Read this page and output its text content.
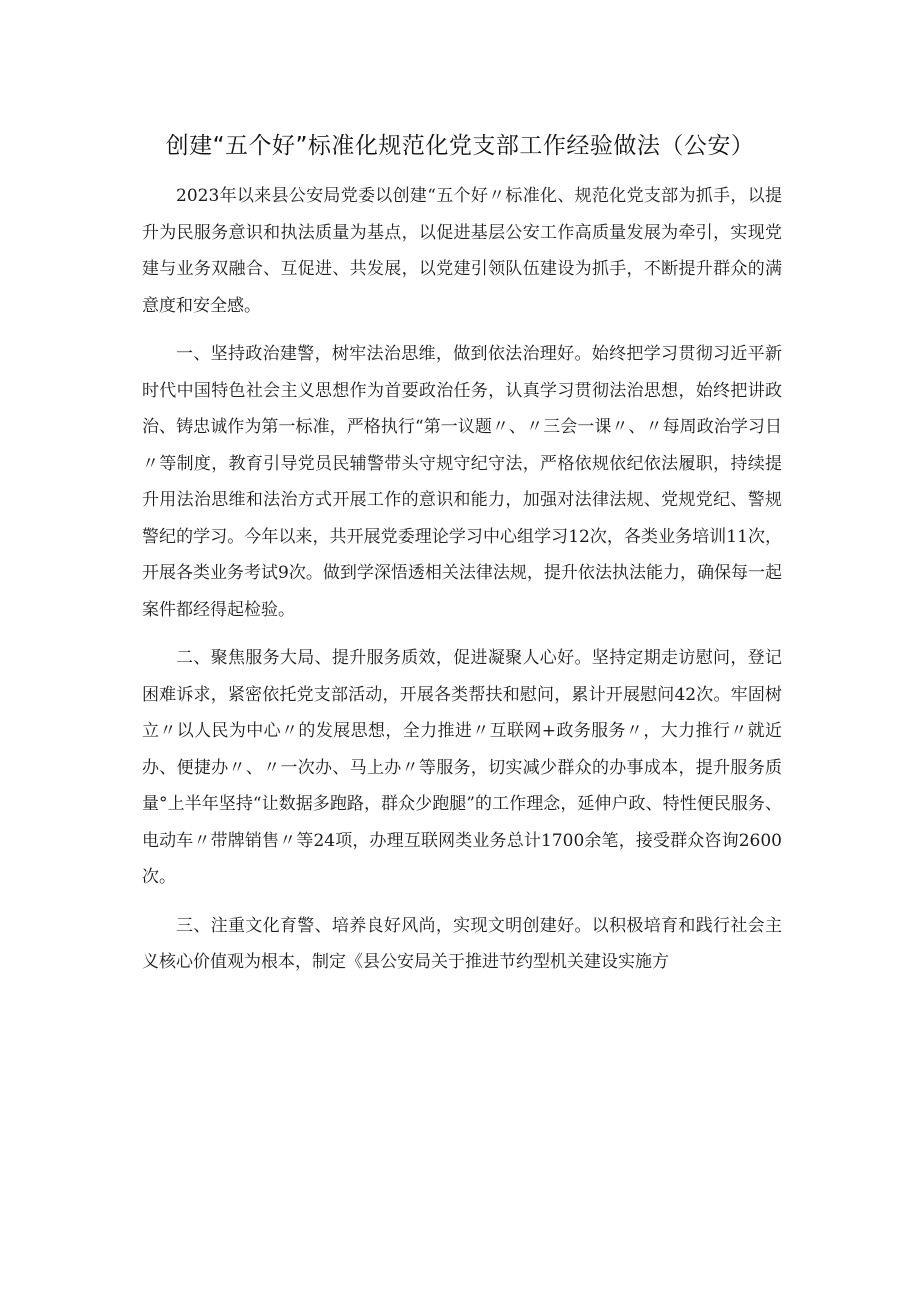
创建“五个好”标准化规范化党支部工作经验做法（公安）

2023年以来县公安局党委以创建“五个好〃标准化、规范化党支部为抓手，以提升为民服务意识和执法质量为基点，以促进基层公安工作高质量发展为牵引，实现党建与业务双融合、互促进、共发展，以党建引领队伍建设为抓手，不断提升群众的满意度和安全感。

一、坚持政治建警，树牢法治思维，做到依法治理好。始终把学习贯彻习近平新时代中国特色社会主义思想作为首要政治任务，认真学习贯彻法治思想，始终把讲政治、铸忠诚作为第一标准，严格执行“第一议题〃、〃三会一课〃、〃每周政治学习日〃等制度，教育引导党员民辅警带头守规守纪守法，严格依规依纪依法履职，持续提升用法治思维和法治方式开展工作的意识和能力，加强对法律法规、党规党纪、警规警纪的学习。今年以来，共开展党委理论学习中心组学习12次，各类业务培训11次，开展各类业务考试9次。做到学深悟透相关法律法规，提升依法执法能力，确保每一起案件都经得起检验。

二、聚焦服务大局、提升服务质效，促进凝聚人心好。坚持定期走访慰问，登记困难诉求，紧密依托党支部活动，开展各类帮扶和慰问，累计开展慰问42次。牢固树立〃以人民为中心〃的发展思想，全力推进〃互联网+政务服务〃，大力推行〃就近办、便捷办〃、〃一次办、马上办〃等服务，切实减少群众的办事成本，提升服务质量°上半年坚持“让数据多跑路，群众少跑腿”的工作理念，延伸户政、特性便民服务、电动车〃带牌销售〃等24项，办理互联网类业务总计1700余笔，接受群众咨询2600次。

三、注重文化育警、培养良好风尚，实现文明创建好。以积极培育和践行社会主义核心价值观为根本，制定《县公安局关于推进节约型机关建设实施方
